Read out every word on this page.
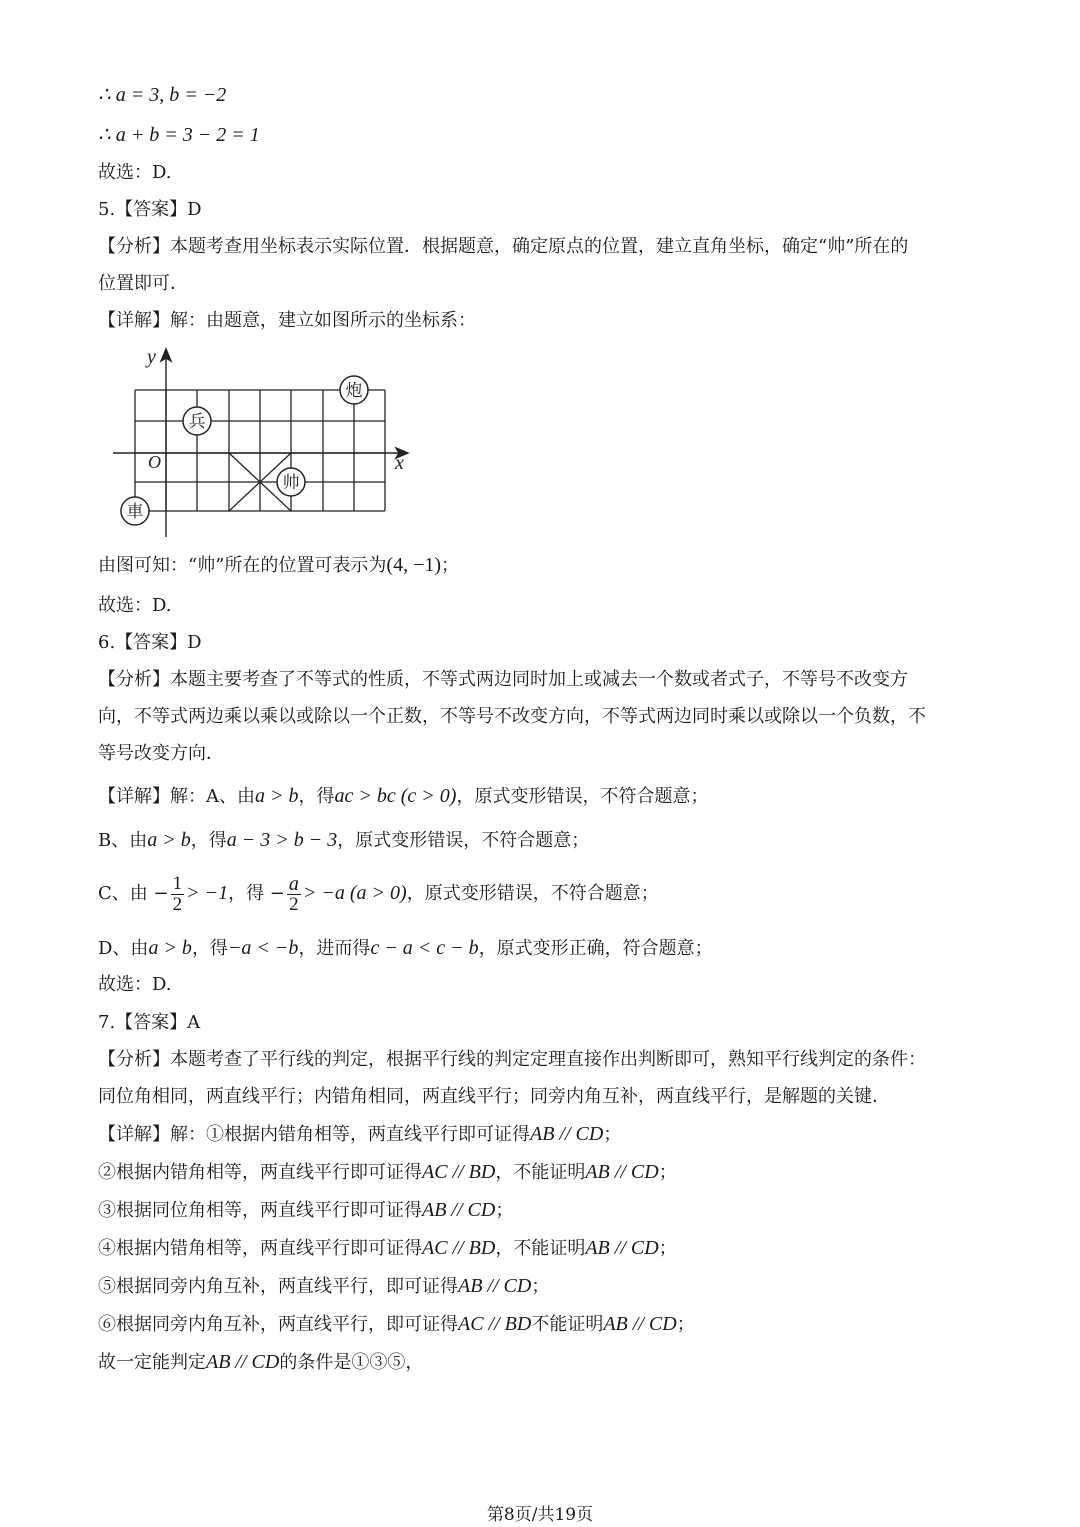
∴ a = 3, b = −2
∴ a + b = 3 − 2 = 1
故选：D.
5.【答案】D
【分析】本题考查用坐标表示实际位置．根据题意，确定原点的位置，建立直角坐标，确定“帅”所在的
位置即可．
【详解】解：由题意，建立如图所示的坐标系：
y
x
O
炮
兵
帅
車
由图可知：“帅”所在的位置可表示为(4, −1)；
故选：D.
6.【答案】D
【分析】本题主要考查了不等式的性质，不等式两边同时加上或减去一个数或者式子，不等号不改变方
向，不等式两边乘以乘以或除以一个正数，不等号不改变方向，不等式两边同时乘以或除以一个负数，不
等号改变方向．
【详解】解：A、由a > b，得ac > bc (c > 0)，原式变形错误，不符合题意；
B、由a > b，得a − 3 > b − 3，原式变形错误，不符合题意；
C、由 − $\frac{1}{2} > -1$，得 − $\frac{a}{2} > -a$ (a > 0)，原式变形错误，不符合题意；
D、由a > b，得−a < −b，进而得c − a < c − b，原式变形正确，符合题意；
故选：D.
7.【答案】A
【分析】本题考查了平行线的判定，根据平行线的判定定理直接作出判断即可，熟知平行线判定的条件：
同位角相同，两直线平行；内错角相同，两直线平行；同旁内角互补，两直线平行，是解题的关键．
【详解】解：①根据内错角相等，两直线平行即可证得AB // CD；
②根据内错角相等，两直线平行即可证得AC // BD，不能证明AB // CD；
③根据同位角相等，两直线平行即可证得AB // CD；
④根据内错角相等，两直线平行即可证得AC // BD，不能证明AB // CD；
⑤根据同旁内角互补，两直线平行，即可证得AB // CD；
⑥根据同旁内角互补，两直线平行，即可证得AC // BD不能证明AB // CD；
故一定能判定AB // CD的条件是①③⑤，
第8页/共19页
